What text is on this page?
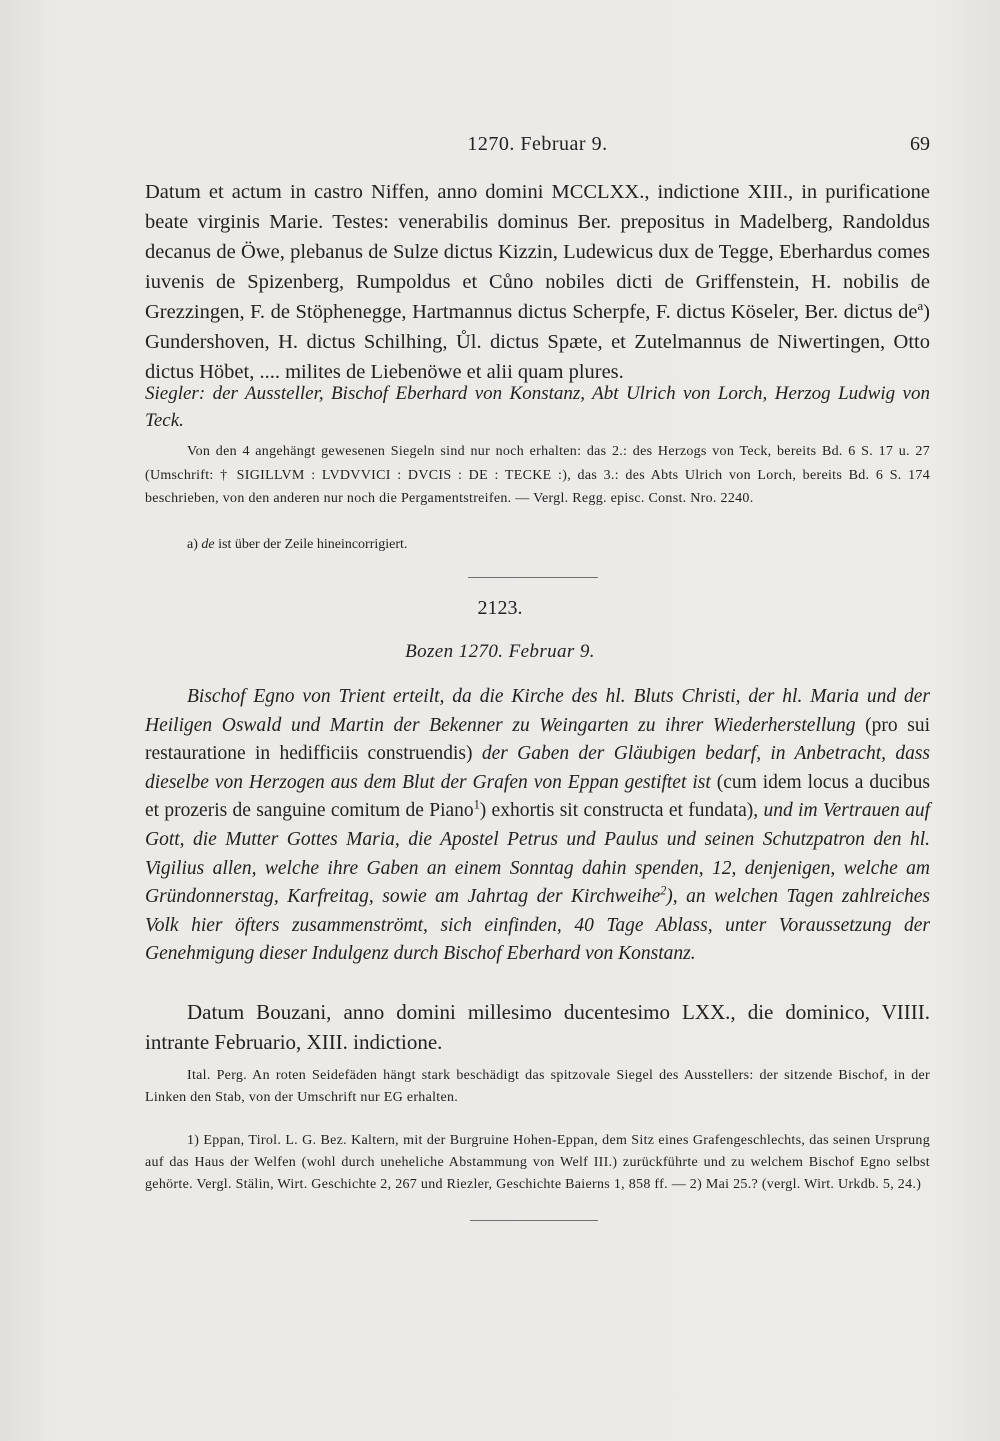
1270. Februar 9.	69

Datum et actum in castro Niffen, anno domini MCCLXX., indictione XIII., in purificatione beate virginis Marie. Testes: venerabilis dominus Ber. prepositus in Madelberg, Randoldus decanus de Öwe, plebanus de Sulze dictus Kizzin, Ludewicus dux de Tegge, Eberhardus comes iuvenis de Spizenberg, Rumpoldus et Cůno nobiles dicti de Griffenstein, H. nobilis de Grezzingen, F. de Stöphenegge, Hartmannus dictus Scherpfe, F. dictus Köseler, Ber. dictus $de^a$) Gundershoven, H. dictus Schilhing, Ůl. dictus Spæte, et Zutelmannus de Niwertingen, Otto dictus Höbet, .... milites de Liebenöwe et alii quam plures.

Siegler: der Aussteller, Bischof Eberhard von Konstanz, Abt Ulrich von Lorch, Herzog Ludwig von Teck.

Von den 4 angehängt gewesenen Siegeln sind nur noch erhalten: das 2.: des Herzogs von Teck, bereits Bd. 6 S. 17 u. 27 (Umschrift: † SIGILLVM : LVDVVICI : DVCIS : DE : TECKE :), das 3.: des Abts Ulrich von Lorch, bereits Bd. 6 S. 174 beschrieben, von den anderen nur noch die Pergamentstreifen. — Vergl. Regg. episc. Const. Nro. 2240.

a) de ist über der Zeile hineincorrigiert.

2123.

Bozen 1270. Februar 9.

Bischof Egno von Trient erteilt, da die Kirche des hl. Bluts Christi, der hl. Maria und der Heiligen Oswald und Martin der Bekenner zu Weingarten zu ihrer Wiederherstellung (pro sui restauratione in hedifficiis construendis) der Gaben der Gläubigen bedarf, in Anbetracht, dass dieselbe von Herzogen aus dem Blut der Grafen von Eppan gestiftet ist (cum idem locus a ducibus et prozeris de sanguine comitum de Piano$^1$) exhortis sit constructa et fundata), und im Vertrauen auf Gott, die Mutter Gottes Maria, die Apostel Petrus und Paulus und seinen Schutzpatron den hl. Vigilius allen, welche ihre Gaben an einem Sonntag dahin spenden, 12, denjenigen, welche am Gründonnerstag, Karfreitag, sowie am Jahrtag der Kirchweihe$^2$), an welchen Tagen zahlreiches Volk hier öfters zusammenströmt, sich einfinden, 40 Tage Ablass, unter Voraussetzung der Genehmigung dieser Indulgenz durch Bischof Eberhard von Konstanz.

Datum Bouzani, anno domini millesimo ducentesimo LXX., die dominico, VIIII. intrante Februario, XIII. indictione.

Ital. Perg. An roten Seidefäden hängt stark beschädigt das spitzovale Siegel des Ausstellers: der sitzende Bischof, in der Linken den Stab, von der Umschrift nur EG erhalten.

1) Eppan, Tirol. L. G. Bez. Kaltern, mit der Burgruine Hohen-Eppan, dem Sitz eines Grafengeschlechts, das seinen Ursprung auf das Haus der Welfen (wohl durch uneheliche Abstammung von Welf III.) zurückführte und zu welchem Bischof Egno selbst gehörte. Vergl. Stälin, Wirt. Geschichte 2, 267 und Riezler, Geschichte Baierns 1, 858 ff. — 2) Mai 25.? (vergl. Wirt. Urkdb. 5, 24.)
